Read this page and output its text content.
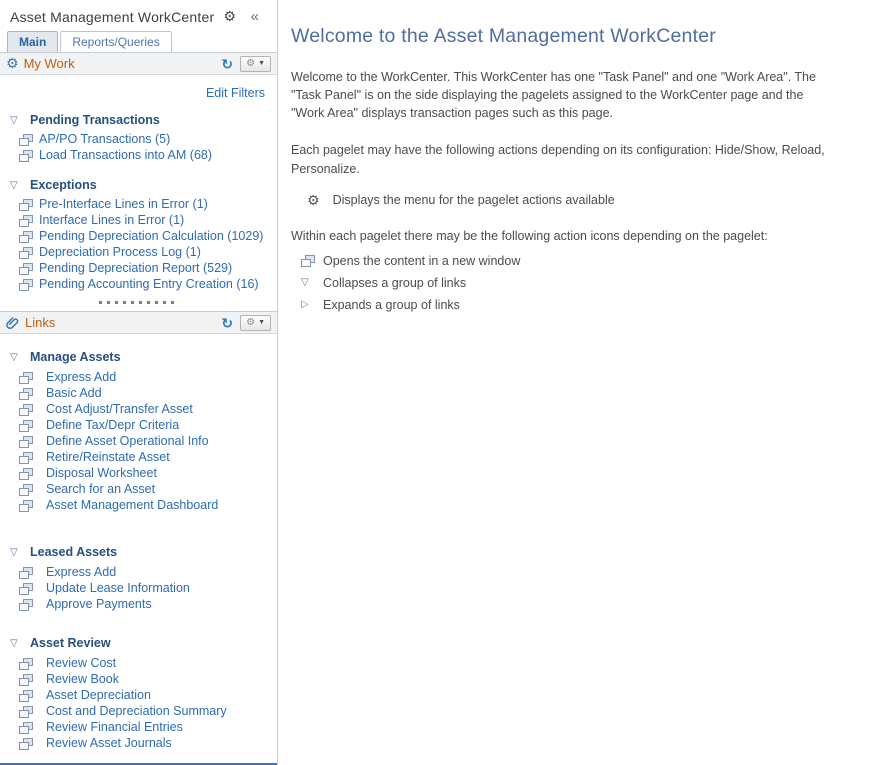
Asset Management WorkCenter ⚙ «
Main	Reports/Queries
⚙ My Work	↻ ⚙ ▼
Edit Filters
▽ Pending Transactions
AP/PO Transactions (5)
Load Transactions into AM (68)
▽ Exceptions
Pre-Interface Lines in Error (1)
Interface Lines in Error (1)
Pending Depreciation Calculation (1029)
Depreciation Process Log (1)
Pending Depreciation Report (529)
Pending Accounting Entry Creation (16)
Links	↻ ⚙ ▼
▽ Manage Assets
Express Add
Basic Add
Cost Adjust/Transfer Asset
Define Tax/Depr Criteria
Define Asset Operational Info
Retire/Reinstate Asset
Disposal Worksheet
Search for an Asset
Asset Management Dashboard
▽ Leased Assets
Express Add
Update Lease Information
Approve Payments
▽ Asset Review
Review Cost
Review Book
Asset Depreciation
Cost and Depreciation Summary
Review Financial Entries
Review Asset Journals
Welcome to the Asset Management WorkCenter

Welcome to the WorkCenter. This WorkCenter has one "Task Panel" and one "Work Area". The "Task Panel" is on the side displaying the pagelets assigned to the WorkCenter page and the "Work Area" displays transaction pages such as this page.

Each pagelet may have the following actions depending on its configuration: Hide/Show, Reload, Personalize.

⚙ Displays the menu for the pagelet actions available

Within each pagelet there may be the following action icons depending on the pagelet:

Opens the content in a new window
▽	Collapses a group of links
▷	Expands a group of links
